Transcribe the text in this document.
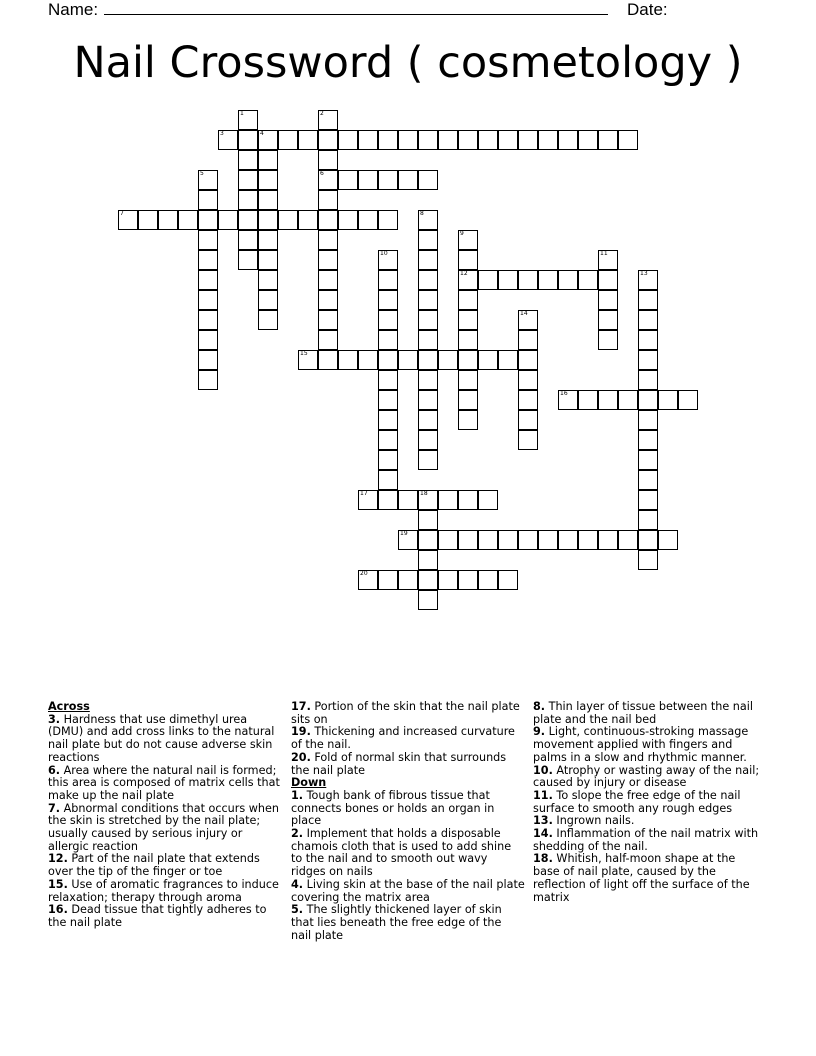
Name:	Date:
Nail Crossword ( cosmetology )
1	2
6
3	4
5
7	8
9
12
10	11
13
14
15
16
17	18
19
20
Across
3. Hardness that use dimethyl urea (DMU) and add cross links to the natural nail plate but do not cause adverse skin reactions
6. Area where the natural nail is formed; this area is composed of matrix cells that make up the nail plate
7. Abnormal conditions that occurs when the skin is stretched by the nail plate; usually caused by serious injury or allergic reaction
12. Part of the nail plate that extends over the tip of the finger or toe
15. Use of aromatic fragrances to induce relaxation; therapy through aroma
16. Dead tissue that tightly adheres to the nail plate
17. Portion of the skin that the nail plate sits on
19. Thickening and increased curvature of the nail.
20. Fold of normal skin that surrounds the nail plate
Down
1. Tough bank of fibrous tissue that connects bones or holds an organ in place
2. Implement that holds a disposable chamois cloth that is used to add shine to the nail and to smooth out wavy ridges on nails
4. Living skin at the base of the nail plate covering the matrix area
5. The slightly thickened layer of skin that lies beneath the free edge of the nail plate
8. Thin layer of tissue between the nail plate and the nail bed
9. Light, continuous-stroking massage movement applied with fingers and palms in a slow and rhythmic manner.
10. Atrophy or wasting away of the nail; caused by injury or disease
11. To slope the free edge of the nail surface to smooth any rough edges
13. Ingrown nails.
14. Inflammation of the nail matrix with shedding of the nail.
18. Whitish, half-moon shape at the base of nail plate, caused by the reflection of light off the surface of the matrix
